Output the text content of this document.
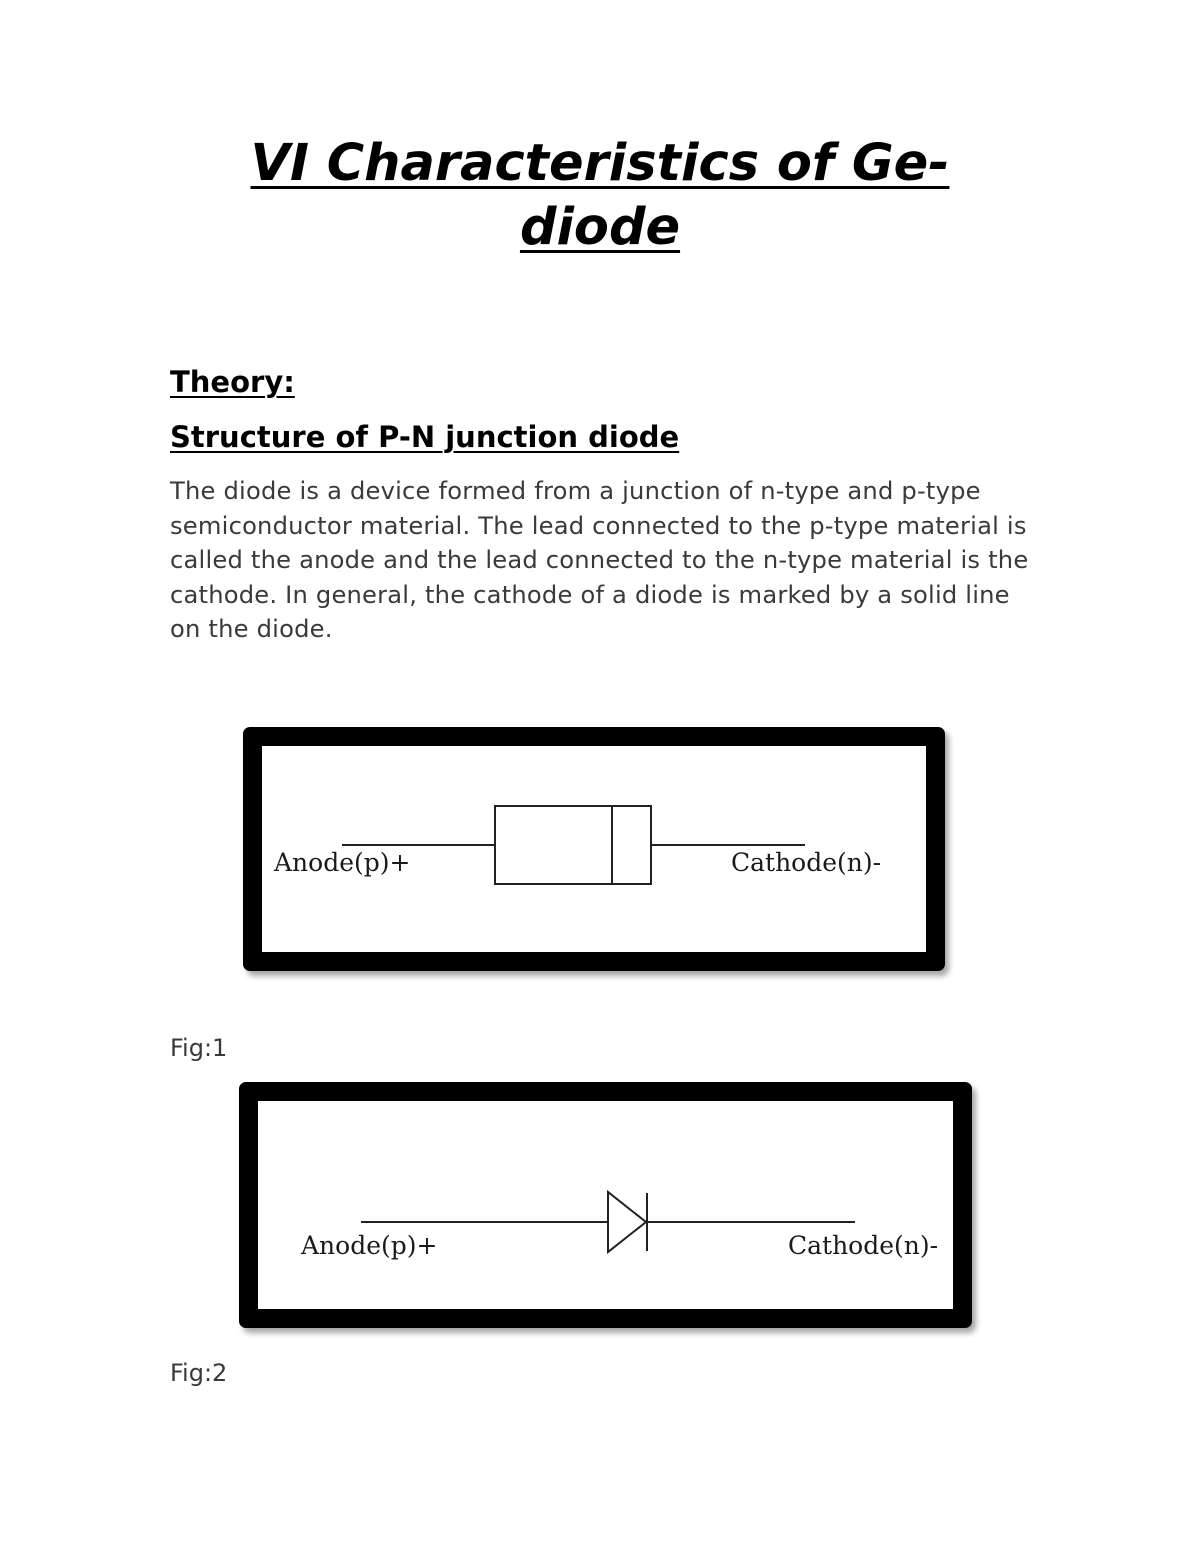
VI Characteristics of Ge-
diode
Theory:
Structure of P-N junction diode

The diode is a device formed from a junction of n-type and p-type semiconductor material. The lead connected to the p-type material is called the anode and the lead connected to the n-type material is the cathode. In general, the cathode of a diode is marked by a solid line on the diode.

Anode(p)+	Cathode(n)-

Fig:1

Anode(p)+	Cathode(n)-

Fig:2
